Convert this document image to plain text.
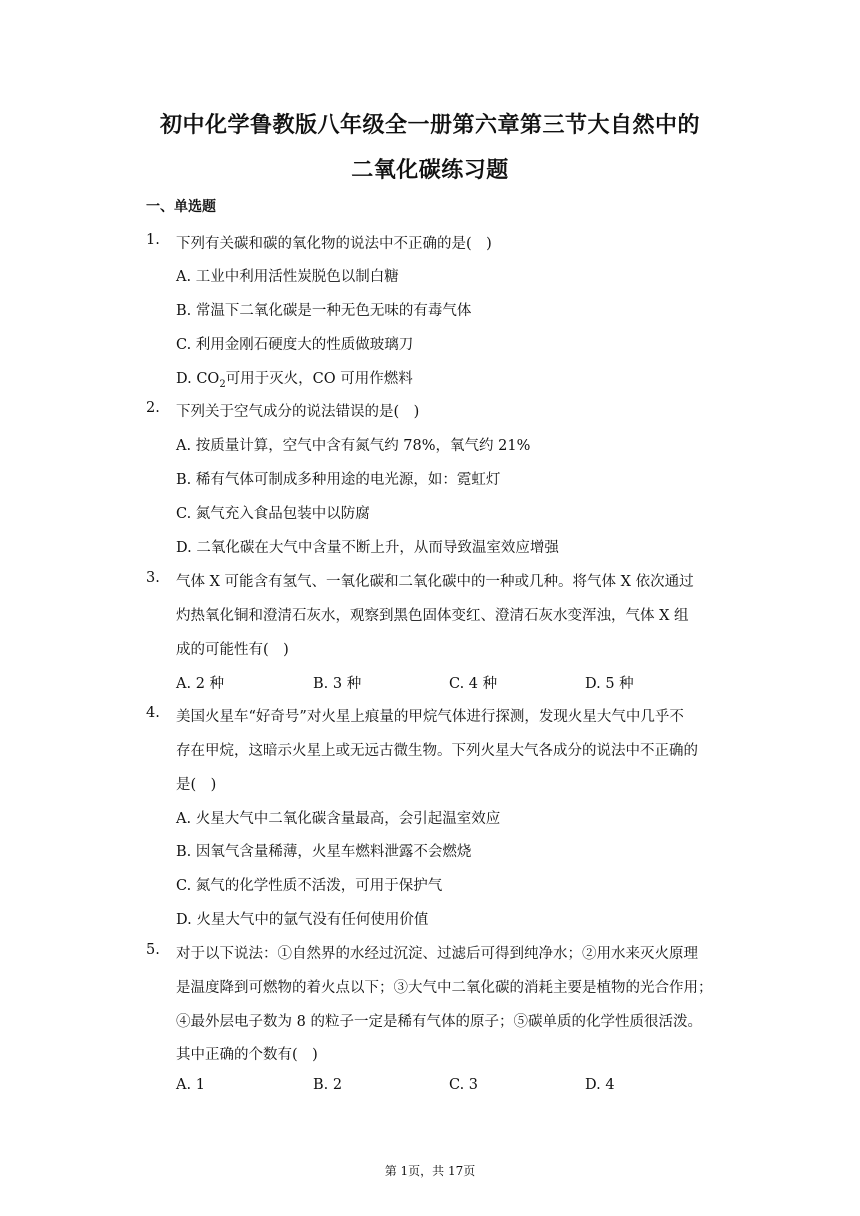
初中化学鲁教版八年级全一册第六章第三节大自然中的
二氧化碳练习题
一、单选题
1. 下列有关碳和碳的氧化物的说法中不正确的是(　)
A. 工业中利用活性炭脱色以制白糖
B. 常温下二氧化碳是一种无色无味的有毒气体
C. 利用金刚石硬度大的性质做玻璃刀
D. $CO_2$可用于灭火，CO 可用作燃料
2. 下列关于空气成分的说法错误的是(　)
A. 按质量计算，空气中含有氮气约 78%，氧气约 21%
B. 稀有气体可制成多种用途的电光源，如：霓虹灯
C. 氮气充入食品包装中以防腐
D. 二氧化碳在大气中含量不断上升，从而导致温室效应增强
3. 气体 X 可能含有氢气、一氧化碳和二氧化碳中的一种或几种。将气体 X 依次通过
灼热氧化铜和澄清石灰水，观察到黑色固体变红、澄清石灰水变浑浊，气体 X 组
成的可能性有(　)
A. 2 种	B. 3 种	C. 4 种	D. 5 种
4. 美国火星车“好奇号”对火星上痕量的甲烷气体进行探测，发现火星大气中几乎不
存在甲烷，这暗示火星上或无远古微生物。下列火星大气各成分的说法中不正确的
是(　)
A. 火星大气中二氧化碳含量最高，会引起温室效应
B. 因氧气含量稀薄，火星车燃料泄露不会燃烧
C. 氮气的化学性质不活泼，可用于保护气
D. 火星大气中的氩气没有任何使用价值
5. 对于以下说法：①自然界的水经过沉淀、过滤后可得到纯净水；②用水来灭火原理
是温度降到可燃物的着火点以下；③大气中二氧化碳的消耗主要是植物的光合作用；
④最外层电子数为 8 的粒子一定是稀有气体的原子；⑤碳单质的化学性质很活泼。
其中正确的个数有(　)
A. 1	B. 2	C. 3	D. 4
第 1页，共 17页
